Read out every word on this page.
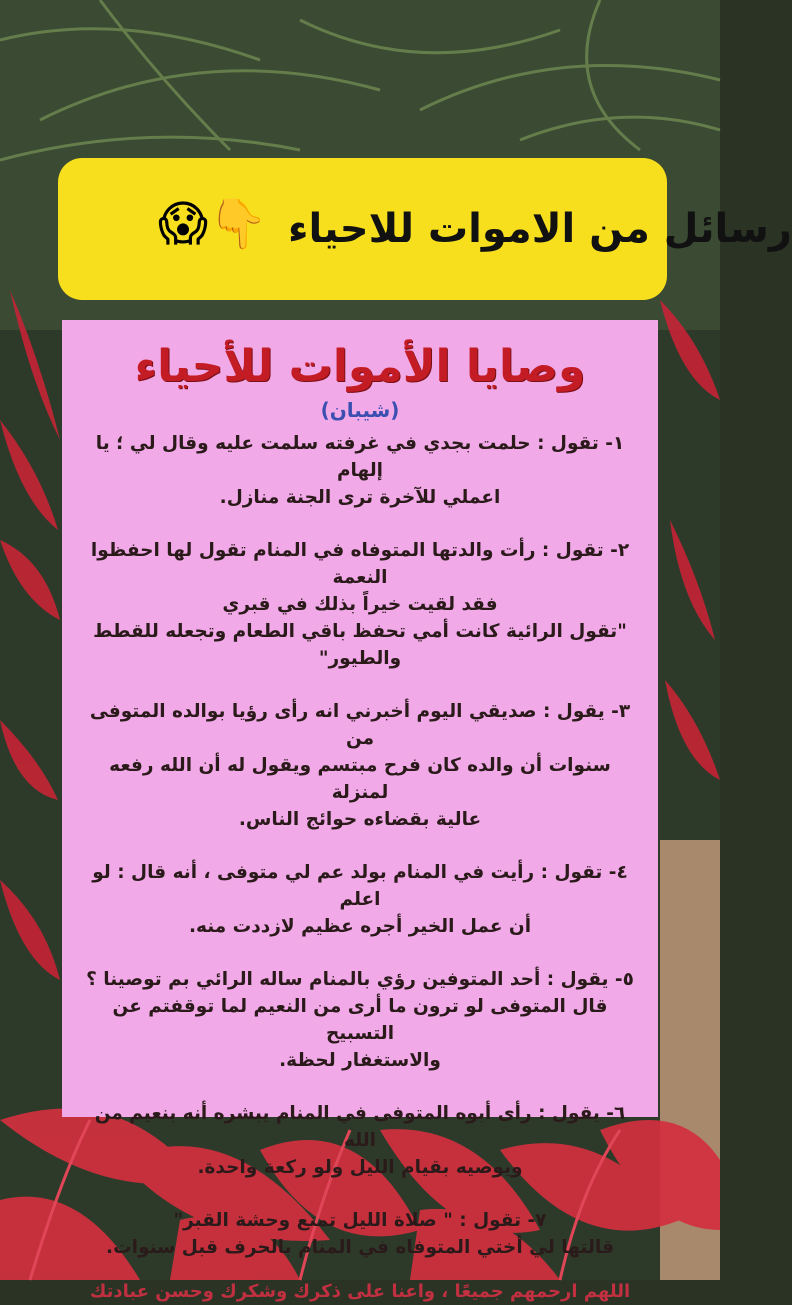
😱👇 رسائل من الاموات للاحياء
وصايا الأموات للأحياء
(شيبان)

١- تقول : حلمت بجدي في غرفته سلمت عليه وقال لي ؛ يا إلهام

اعملي للآخرة ترى الجنة منازل.

٢- تقول : رأت والدتها المتوفاه في المنام تقول لها احفظوا النعمة

فقد لقيت خيراً بذلك في قبري

"تقول الرائية كانت أمي تحفظ باقي الطعام وتجعله للقطط

والطيور"

٣- يقول : صديقي اليوم أخبرني انه رأى رؤيا بوالده المتوفى من

سنوات أن والده كان فرح مبتسم ويقول له أن الله رفعه لمنزلة

عالية بقضاءه حوائج الناس.

٤- تقول : رأيت في المنام بولد عم لي متوفى ، أنه قال : لو اعلم

أن عمل الخير أجره عظيم لازددت منه.

٥- يقول : أحد المتوفين رؤي بالمنام ساله الرائي بم توصينا ؟

قال المتوفى لو ترون ما أرى من النعيم لما توقفتم عن التسبيح

والاستغفار لحظة.

٦- يقول : رأى أبوه المتوفى في المنام يبشره أنه بنعيم من الله

ويوصيه بقيام الليل ولو ركعة واحدة.

٧- تقول : " صلاة الليل تمنع وحشة القبر"

قالتها لي أختي المتوفاه في المنام بالحرف قبل سنوات.

اللهم ارحمهم جميعًا ، واعنا على ذكرك وشكرك وحسن عبادتك
